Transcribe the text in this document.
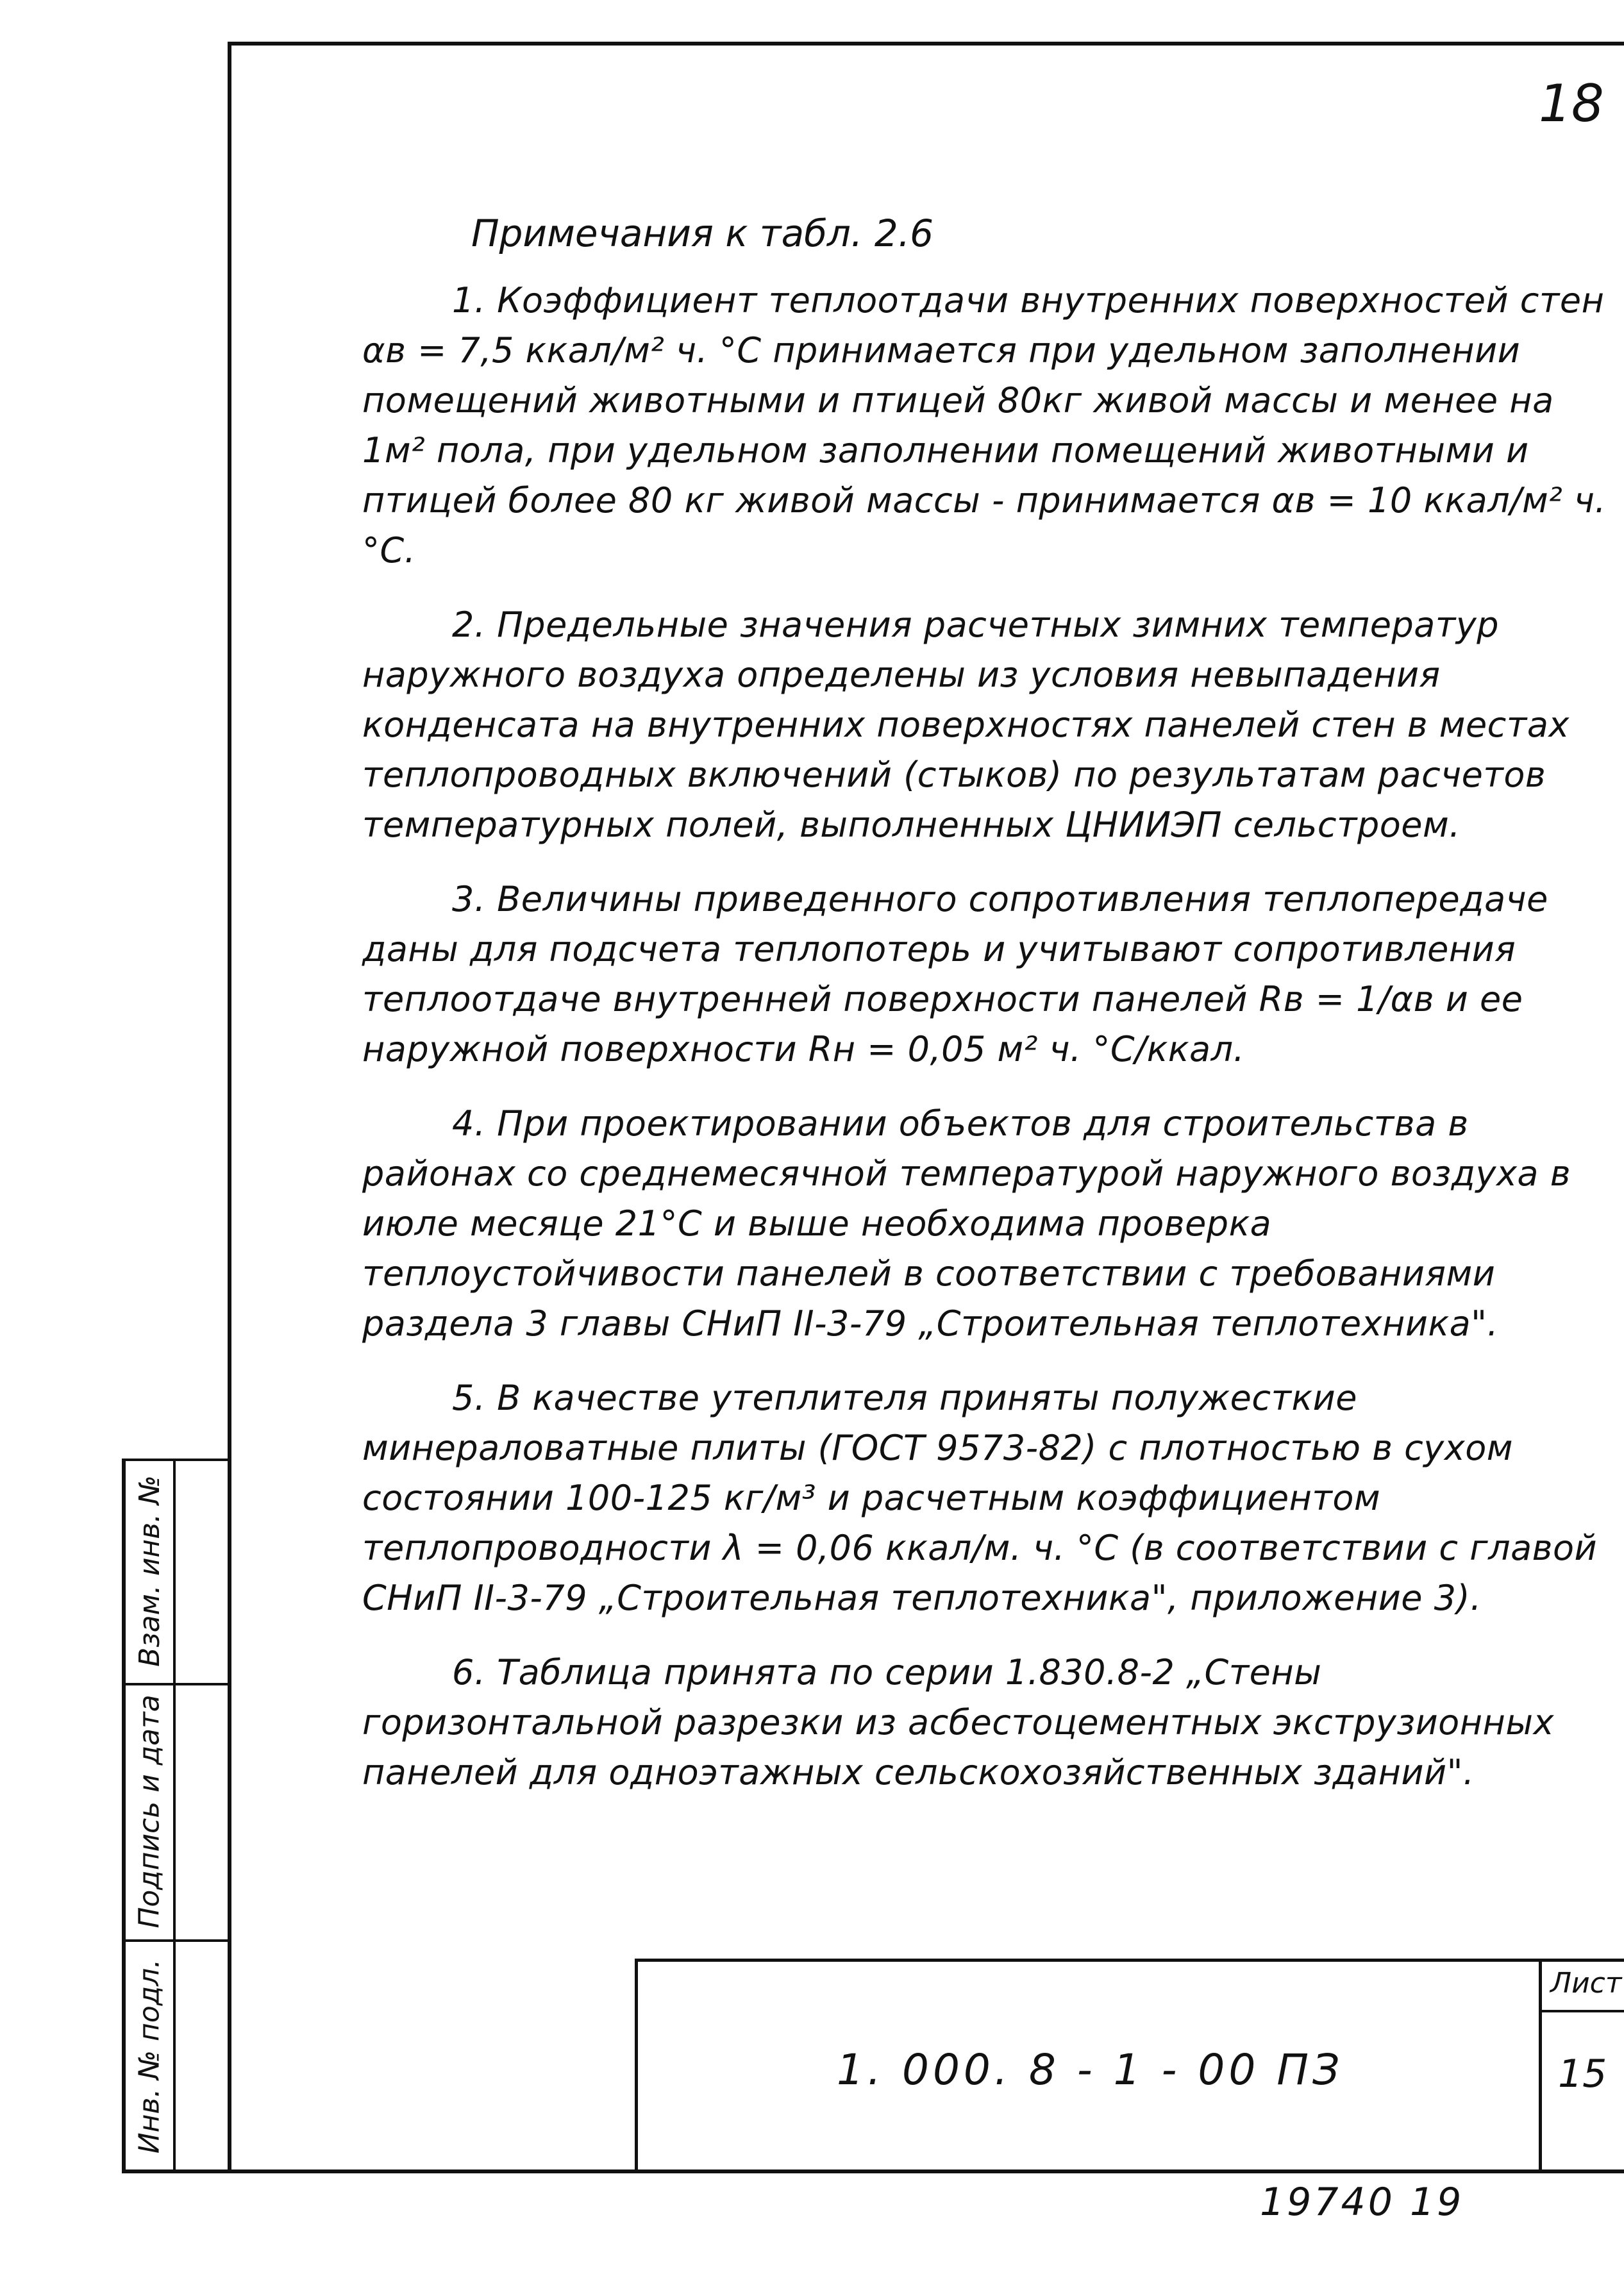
18
Примечания к табл. 2.6

1. Коэффициент теплоотдачи внутренних поверхностей стен αв = 7,5 ккал/м² ч. °С принимается при удельном заполнении помещений животными и птицей 80кг живой массы и менее на 1м² пола, при удельном заполнении помещений животными и птицей более 80 кг живой массы - принимается αв = 10 ккал/м² ч. °С.

2. Предельные значения расчетных зимних температур наружного воздуха определены из условия невыпадения конденсата на внутренних поверхностях панелей стен в местах теплопроводных включений (стыков) по результатам расчетов температурных полей, выполненных ЦНИИЭП сельстроем.

3. Величины приведенного сопротивления теплопередаче даны для подсчета теплопотерь и учитывают сопротивления теплоотдаче внутренней поверхности панелей Rв = 1/αв и ее наружной поверхности Rн = 0,05 м² ч. °С/ккал.

4. При проектировании объектов для строительства в районах со среднемесячной температурой наружного воздуха в июле месяце 21°С и выше необходима проверка теплоустойчивости панелей в соответствии с требованиями раздела 3 главы СНиП II-3-79 „Строительная теплотехника".

5. В качестве утеплителя приняты полужесткие минераловатные плиты (ГОСТ 9573-82) с плотностью в сухом состоянии 100-125 кг/м³ и расчетным коэффициентом теплопроводности λ = 0,06 ккал/м. ч. °С (в соответствии с главой СНиП II-3-79 „Строительная теплотехника", приложение 3).

6. Таблица принята по серии 1.830.8-2 „Стены горизонтальной разрезки из асбестоцементных экструзионных панелей для одноэтажных сельскохозяйственных зданий".

Взам. инв. №
Подпись и дата
Инв. № подл.	1. 000. 8 - 1 - 00 ПЗ
Лист
15
19740 19
